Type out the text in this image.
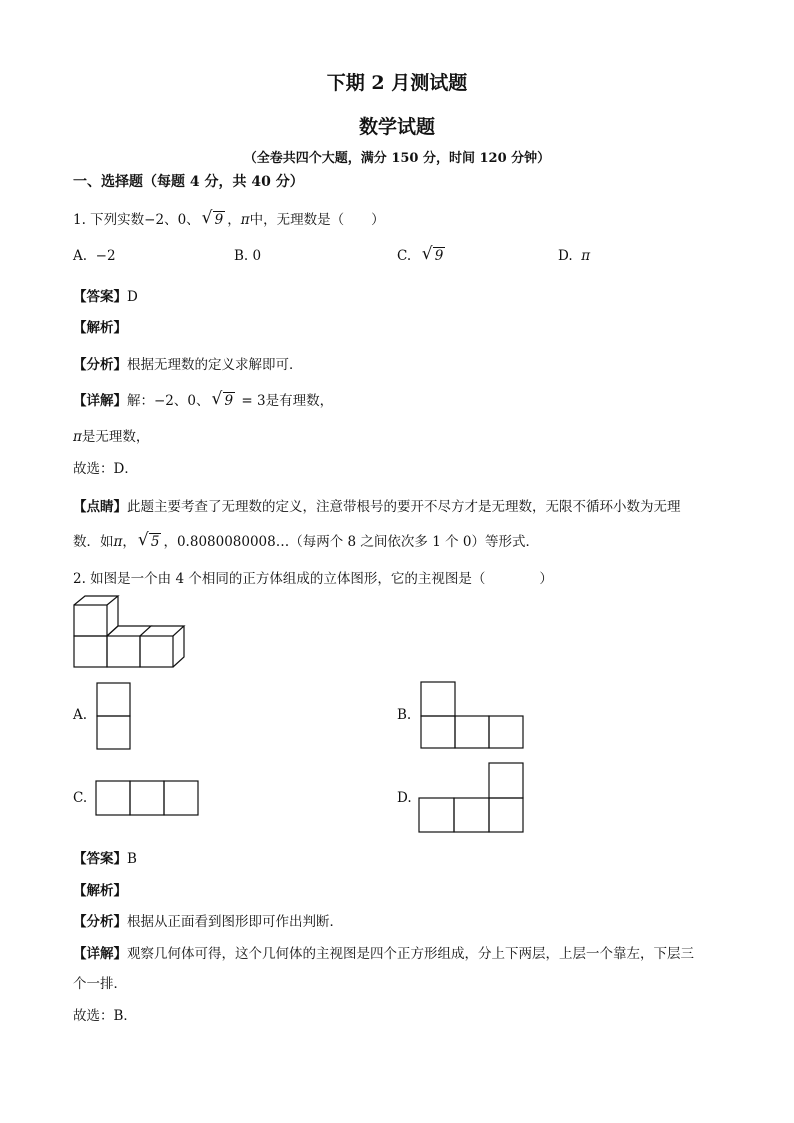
下期 2 月测试题
数学试题
（全卷共四个大题，满分 150 分，时间 120 分钟）
一、选择题（每题 4 分，共 40 分）
1. 下列实数−2、0、 √ 9 ，π中，无理数是（　　）
A. −2	B. 0	C. √ 9	D. π
【答案】D
【解析】
【分析】根据无理数的定义求解即可．
【详解】解：−2、0、 √ 9 = 3是有理数，
π是无理数，
故选：D．
【点睛】此题主要考查了无理数的定义，注意带根号的要开不尽方才是无理数，无限不循环小数为无理
数．如π， √ 5 ，0.8080080008…（每两个 8 之间依次多 1 个 0）等形式．
2. 如图是一个由 4 个相同的正方体组成的立体图形，它的主视图是（　　　　）
A.	B.
C.	D.
【答案】B
【解析】
【分析】根据从正面看到图形即可作出判断．
【详解】观察几何体可得，这个几何体的主视图是四个正方形组成，分上下两层，上层一个靠左，下层三
个一排．
故选：B．
